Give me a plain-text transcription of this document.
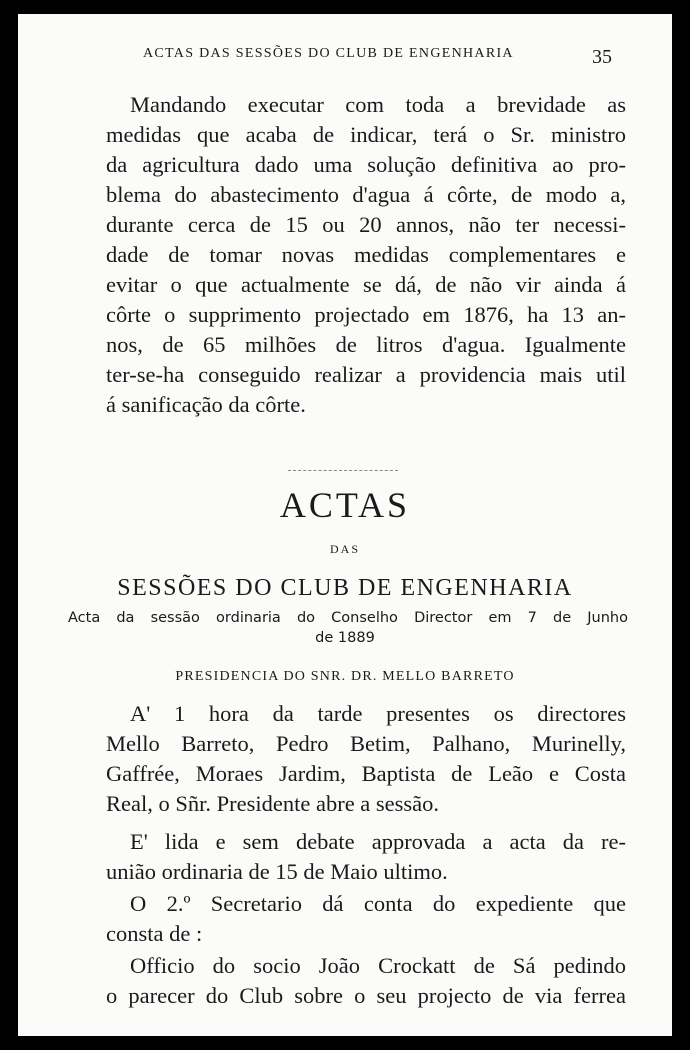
ACTAS DAS SESSÕES DO CLUB DE ENGENHARIA	35
Mandando executar com toda a brevidade as
medidas que acaba de indicar, terá o Sr. ministro
da agricultura dado uma solução definitiva ao pro-
blema do abastecimento d'agua á côrte, de modo a,
durante cerca de 15 ou 20 annos, não ter necessi-
dade de tomar novas medidas complementares e
evitar o que actualmente se dá, de não vir ainda á
côrte o supprimento projectado em 1876, ha 13 an-
nos, de 65 milhões de litros d'agua. Igualmente
ter-se-ha conseguido realizar a providencia mais util
á sanificação da côrte.
ACTAS
DAS
SESSÕES DO CLUB DE ENGENHARIA
Acta da sessão ordinaria do Conselho Director em 7 de Junho
de 1889
PRESIDENCIA DO SNR. DR. MELLO BARRETO
A' 1 hora da tarde presentes os directores
Mello Barreto, Pedro Betim, Palhano, Murinelly,
Gaffrée, Moraes Jardim, Baptista de Leão e Costa
Real, o Sñr. Presidente abre a sessão.
E' lida e sem debate approvada a acta da re-
união ordinaria de 15 de Maio ultimo.
O 2.º Secretario dá conta do expediente que
consta de :
Officio do socio João Crockatt de Sá pedindo
o parecer do Club sobre o seu projecto de via ferrea
